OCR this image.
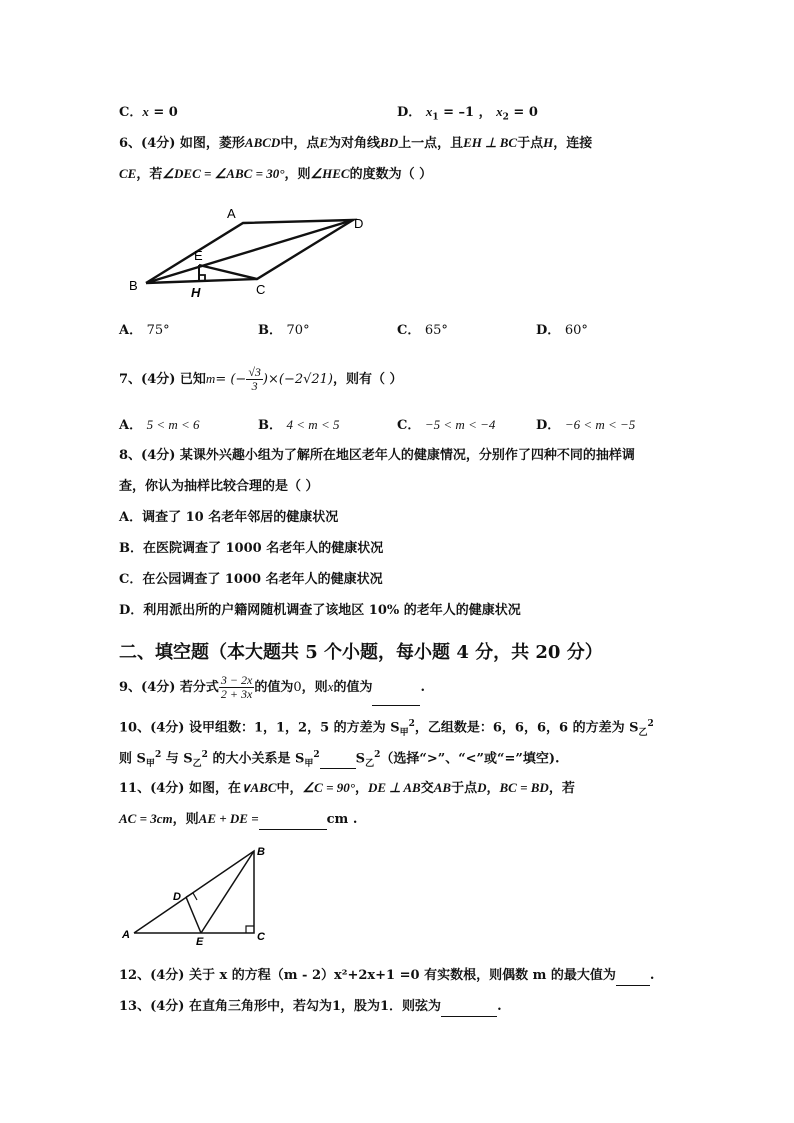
C．x = 0	D． $x_1 = -1$ ， $x_2 = 0$
6、(4分) 如图，菱形ABCD中，点E为对角线BD上一点，且EH ⊥ BC于点H，连接
CE，若∠DEC = ∠ABC = 30°，则∠HEC的度数为（ ）
A
D
E
B	C
H
A． 75°	B． 70°	C． 65°	D． 60°
7、(4分) 已知m= (− $\frac{√3}{3} )\times(-2√21)$，则有（ ）
A． 5 < m < 6	B． 4 < m < 5	C． −5 < m < −4	D． −6 < m < −5
8、(4分) 某课外兴趣小组为了解所在地区老年人的健康情况，分别作了四种不同的抽样调
查，你认为抽样比较合理的是（ ）
A．调查了 10 名老年邻居的健康状况
B．在医院调查了 1000 名老年人的健康状况
C．在公园调查了 1000 名老年人的健康状况
D．利用派出所的户籍网随机调查了该地区 10% 的老年人的健康状况
二、填空题（本大题共 5 个小题，每小题 4 分，共 20 分）
9、(4分) 若分式 $\frac{3 - 2x}{2 + 3x}$ 的值为0，则x的值为	.
10、(4分) 设甲组数：1，1，2，5 的方差为 $S_甲^2$，乙组数是：6，6，6，6 的方差为 $S_乙^2$
则 $S_甲^2$ 与 $S_乙^2$ 的大小关系是 $S_甲^2$	$S_乙^2$（选择“>”、“<”或“=”填空).
11、(4分) 如图，在∨ABC中，∠C = 90°，DE ⊥ AB交AB于点D，BC = BD，若
AC = 3cm，则AE + DE =	cm .
A
B
C
D
E
12、(4分) 关于 x 的方程（m - 2）x²+2x+1 =0 有实数根，则偶数 m 的最大值为	.
13、(4分) 在直角三角形中，若勾为1，股为1．则弦为	.
